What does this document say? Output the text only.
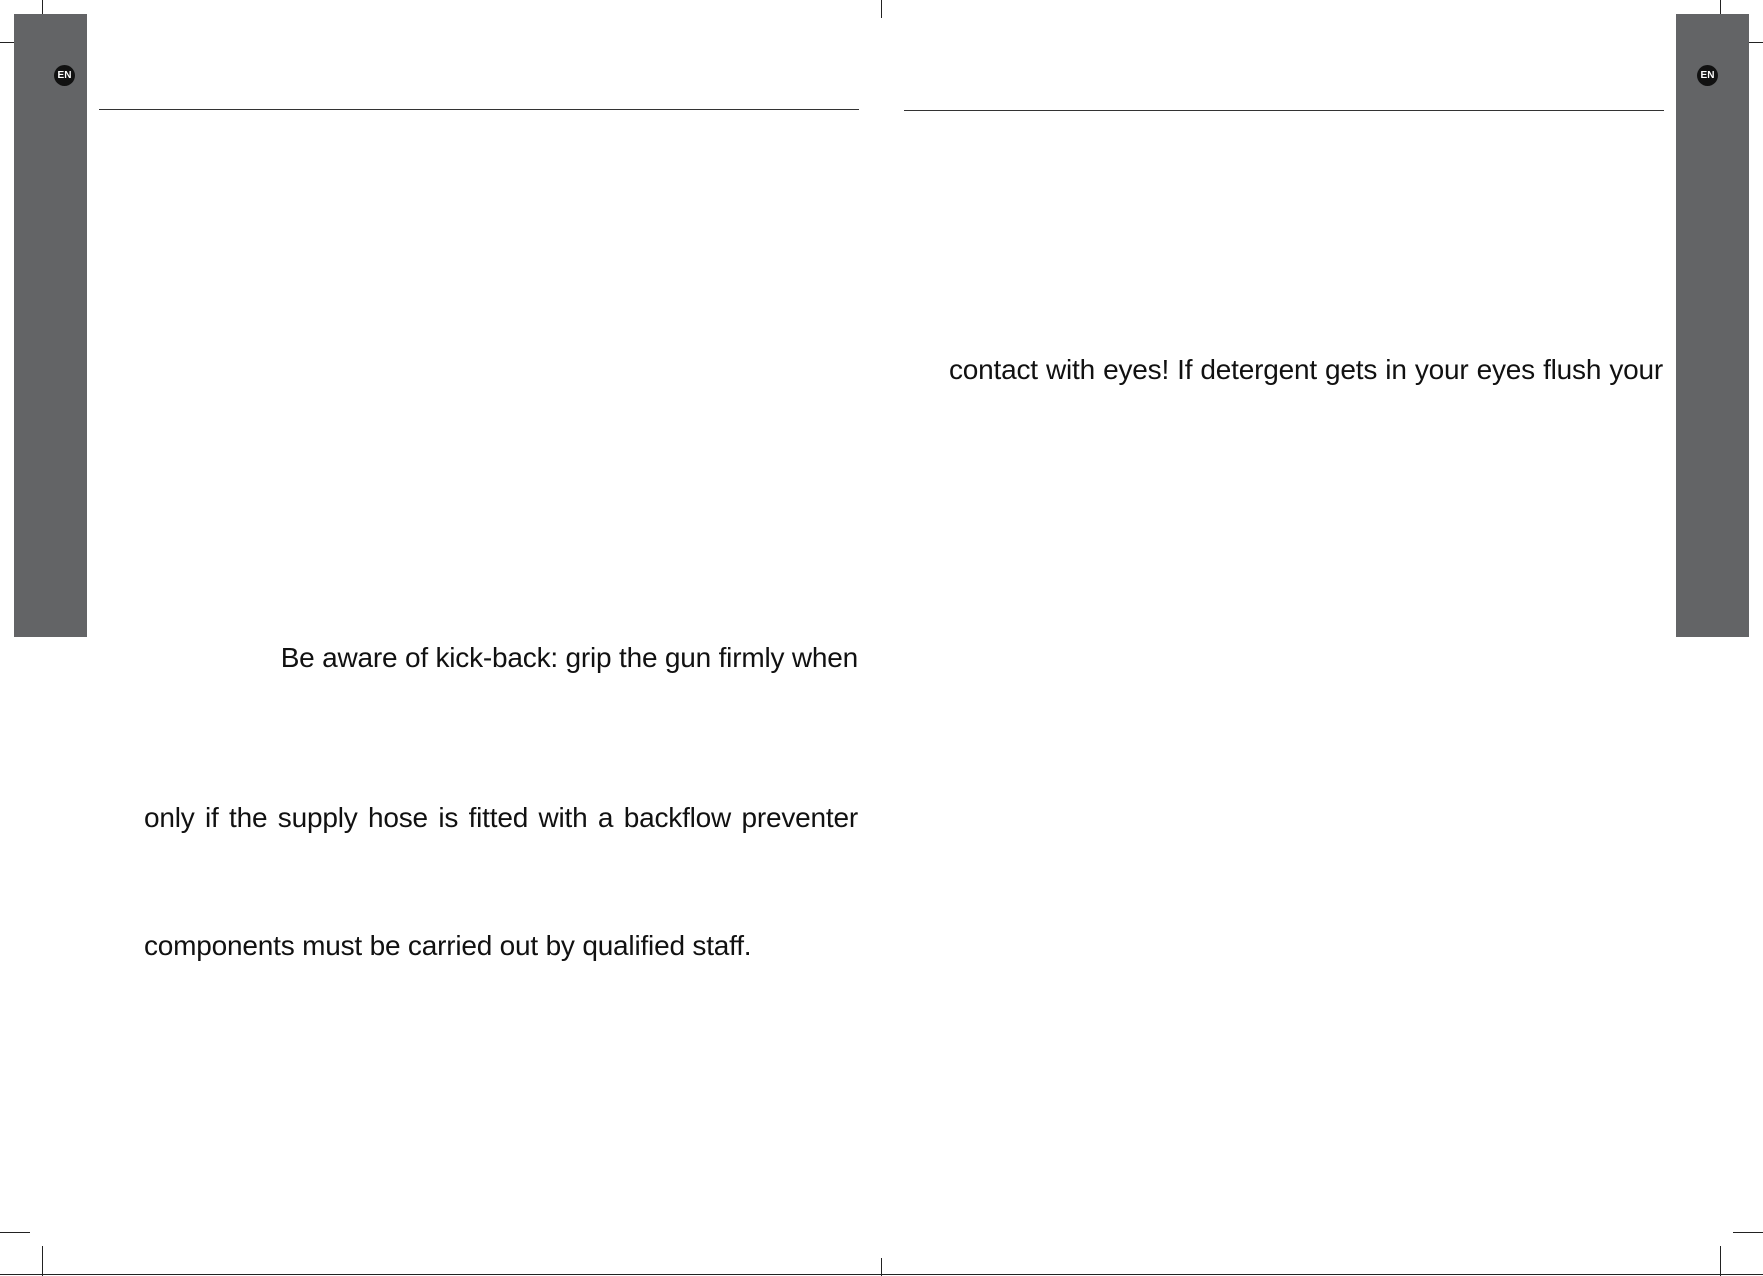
EN
Be aware of kick-back: grip the gun firmly when
only if the supply hose is fitted with a backflow preventer
components must be carried out by qualified staff.
contact with eyes! If detergent gets in your eyes flush your
EN
